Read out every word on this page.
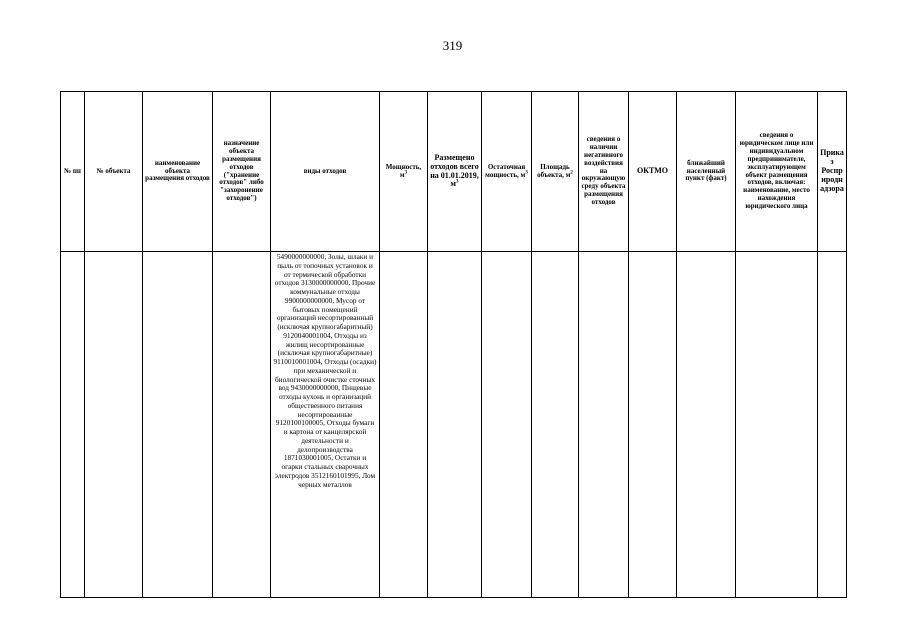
319
№ пп	№ объекта	наименование объекта размещения отходов	назначение объекта размещения отходов ("хранение отходов" либо "захоронение отходов")	виды отходов	Мощность, $м^3$	Размещено отходов всего на 01.01.2019, $м^3$	Остаточная мощность, $м^3$	Площадь объекта, $м^2$	сведения о наличии негативного воздействия на окружающую среду объекта размещения отходов	ОКТМО	ближайший населенный пункт (факт)	сведения о юридическом лице или индивидуальном предпринимателе, эксплуатирующем объект размещения отходов, включая: наименование, место нахождения юридического лица	Приказ Росприроднадзора
				5490000000000, Золы, шлаки и пыль от топочных установок и от термической обработки отходов 3130000000000, Прочие коммунальные отходы 9900000000000, Мусор от бытовых помещений организаций несортированный (исключая крупногабаритный) 9120040001004, Отходы из жилищ несортированные (исключая крупногабаритные) 9110010001004, Отходы (осадки) при механической и биологической очистке сточных вод 9430000000000, Пищевые отходы кухонь и организаций общественного питания несортированные 9120100100005, Отходы бумаги и картона от канцелярской деятельности и делопроизводства 1871030001005, Остатки и огарки стальных сварочных электродов 3512160101995, Лом черных металлов									
